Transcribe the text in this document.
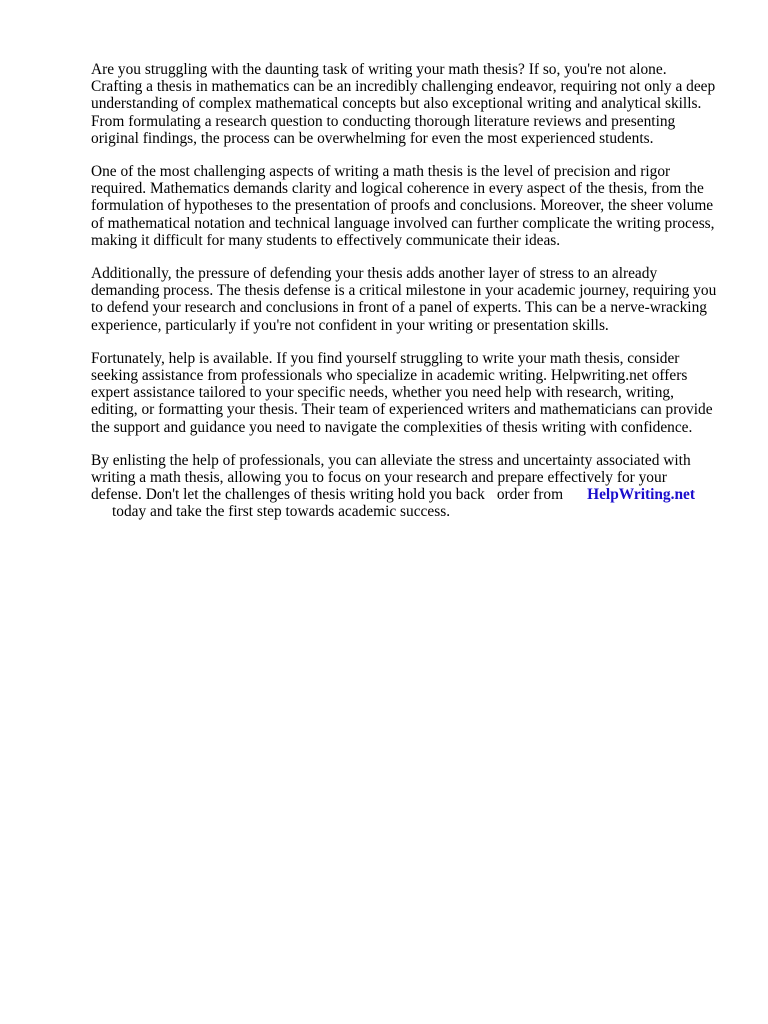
Are you struggling with the daunting task of writing your math thesis? If so, you're not alone.
Crafting a thesis in mathematics can be an incredibly challenging endeavor, requiring not only a deep
understanding of complex mathematical concepts but also exceptional writing and analytical skills.
From formulating a research question to conducting thorough literature reviews and presenting
original findings, the process can be overwhelming for even the most experienced students.

One of the most challenging aspects of writing a math thesis is the level of precision and rigor
required. Mathematics demands clarity and logical coherence in every aspect of the thesis, from the
formulation of hypotheses to the presentation of proofs and conclusions. Moreover, the sheer volume
of mathematical notation and technical language involved can further complicate the writing process,
making it difficult for many students to effectively communicate their ideas.

Additionally, the pressure of defending your thesis adds another layer of stress to an already
demanding process. The thesis defense is a critical milestone in your academic journey, requiring you
to defend your research and conclusions in front of a panel of experts. This can be a nerve-wracking
experience, particularly if you're not confident in your writing or presentation skills.

Fortunately, help is available. If you find yourself struggling to write your math thesis, consider
seeking assistance from professionals who specialize in academic writing. Helpwriting.net offers
expert assistance tailored to your specific needs, whether you need help with research, writing,
editing, or formatting your thesis. Their team of experienced writers and mathematicians can provide
the support and guidance you need to navigate the complexities of thesis writing with confidence.

By enlisting the help of professionals, you can alleviate the stress and uncertainty associated with
writing a math thesis, allowing you to focus on your research and prepare effectively for your
defense. Don't let the challenges of thesis writing hold you back order from HelpWriting.net
today and take the first step towards academic success.
